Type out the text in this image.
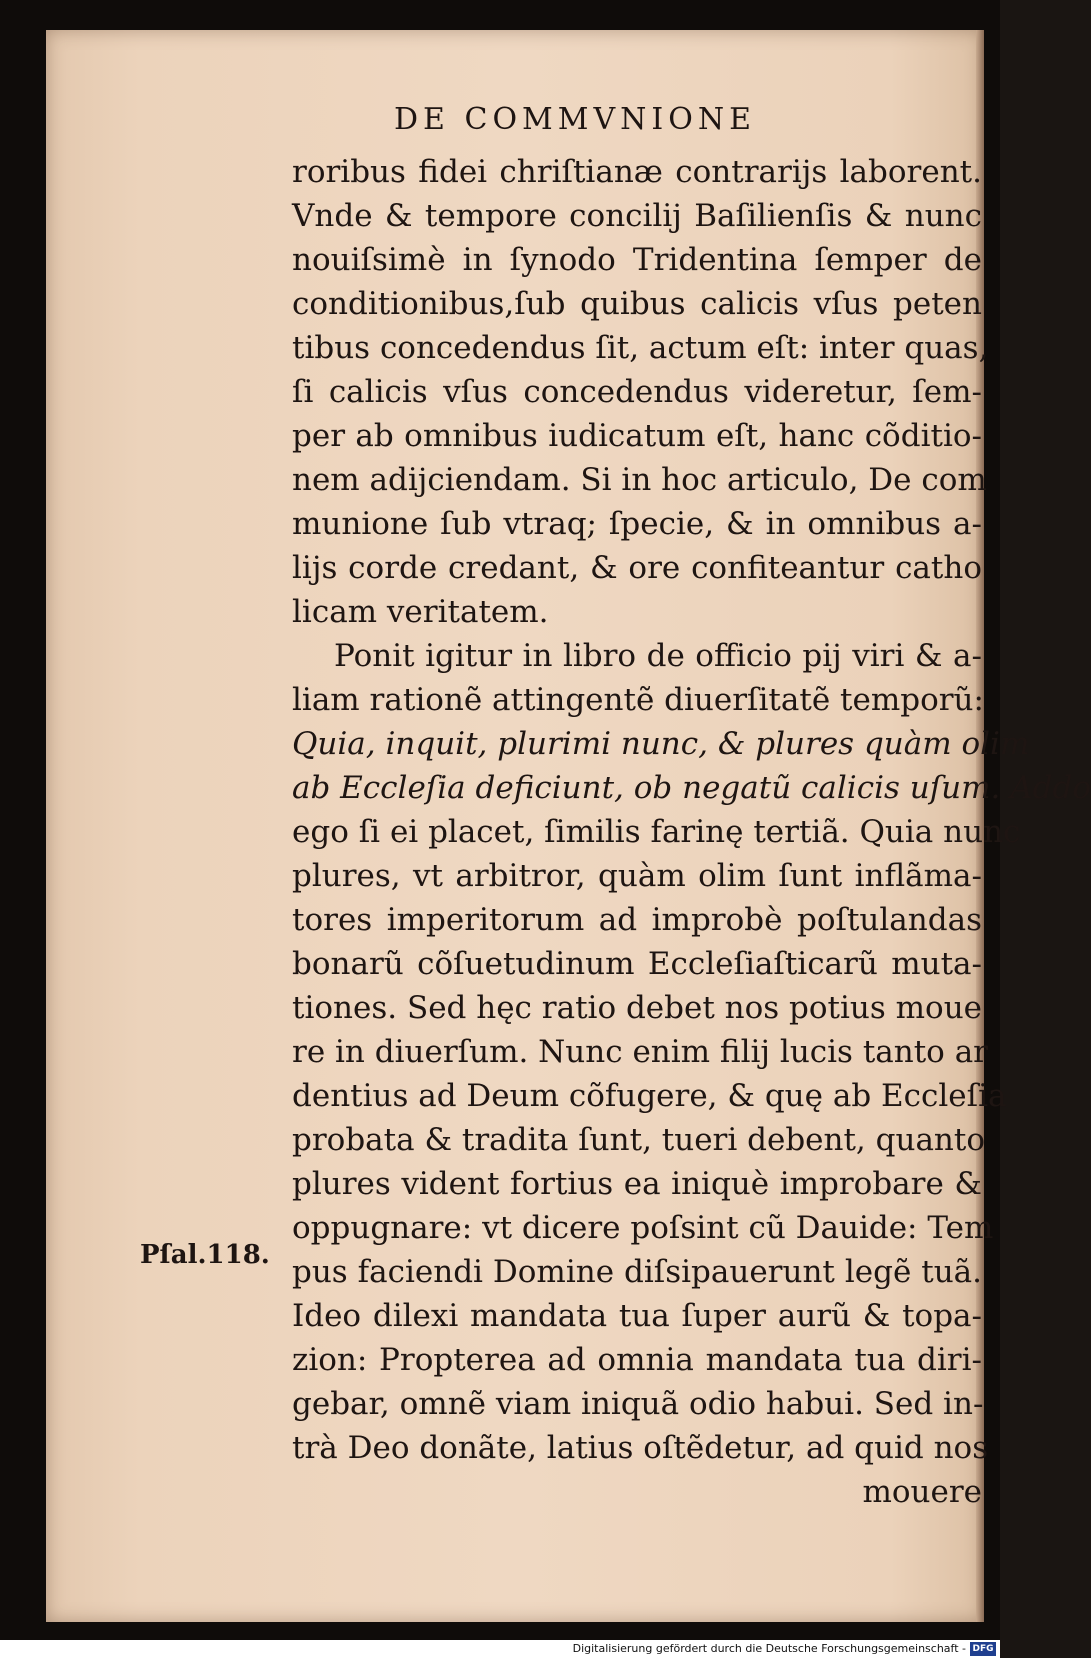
DE COMMVNIONE
roribus fidei chriſtianæ contrarijs laborent.
Vnde & tempore concilij Baſilienſis & nunc
nouiſsimè in ſynodo Tridentina ſemper de
conditionibus,ſub quibus calicis vſus peten
tibus concedendus ſit, actum eſt: inter quas,
ſi calicis vſus concedendus videretur, ſem-
per ab omnibus iudicatum eſt, hanc cõditio-
nem adijciendam. Si in hoc articulo, De com
munione ſub vtraq; ſpecie, & in omnibus a-
lijs corde credant, & ore confiteantur catho
licam veritatem.
Ponit igitur in libro de officio pij viri & a-
liam rationẽ attingentẽ diuerſitatẽ temporũ:
Quia, inquit, plurimi nunc, & plures quàm olim
ab Eccleſia deficiunt, ob negatũ calicis uſum. Addo
ego ſi ei placet, ſimilis farinę tertiã. Quia nunc
plures, vt arbitror, quàm olim ſunt inflãma-
tores imperitorum ad improbè poſtulandas
bonarũ cõſuetudinum Eccleſiaſticarũ muta-
tiones. Sed hęc ratio debet nos potius moue
re in diuerſum. Nunc enim filij lucis tanto ar
dentius ad Deum cõfugere, & quę ab Eccleſia
probata & tradita ſunt, tueri debent, quanto
plures vident fortius ea iniquè improbare &
oppugnare: vt dicere poſsint cũ Dauide: Tem
pus faciendi Domine diſsipauerunt legẽ tuã.
Ideo dilexi mandata tua ſuper aurũ & topa-
zion: Propterea ad omnia mandata tua diri-
gebar, omnẽ viam iniquã odio habui. Sed in-
trà Deo donãte, latius oſtẽdetur, ad quid nos
mouere
Pſal.118.
Digitalisierung gefördert durch die Deutsche Forschungsgemeinschaft - DFG
